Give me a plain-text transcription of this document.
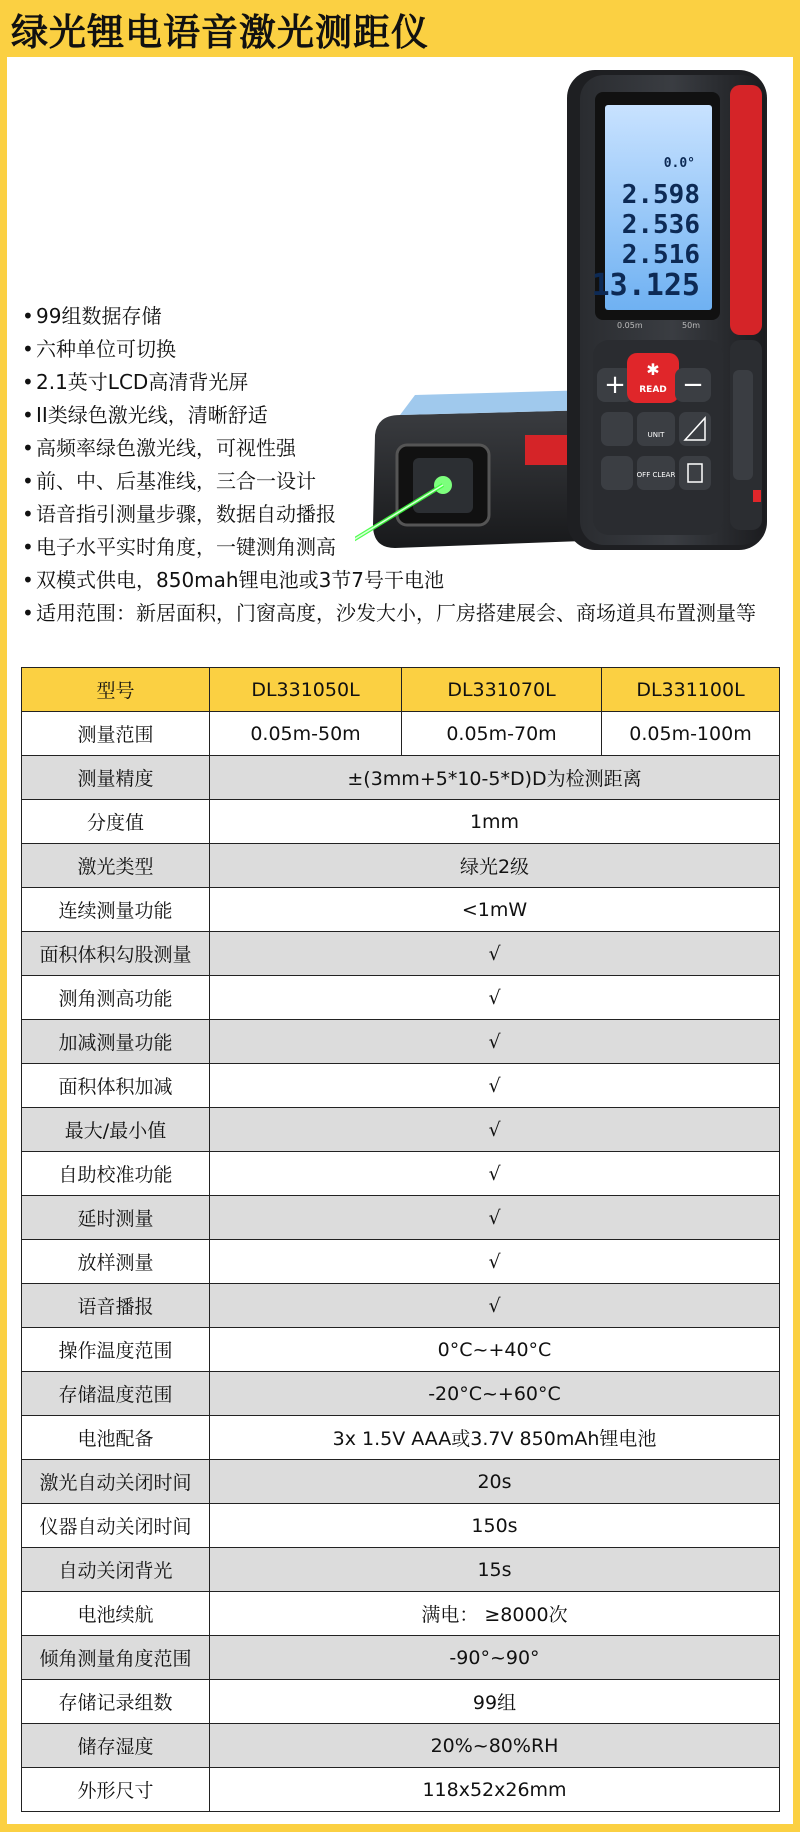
绿光锂电语音激光测距仪
0.0°
2.598
2.536
2.516
13.125
0.05m	50m
+
✱
READ −
UNIT
OFF CLEAR
• 99组数据存储
• 六种单位可切换
• 2.1英寸LCD高清背光屏
• II类绿色激光线，清晰舒适
• 高频率绿色激光线，可视性强
• 前、中、后基准线，三合一设计
• 语音指引测量步骤，数据自动播报
• 电子水平实时角度，一键测角测高
• 双模式供电，850mah锂电池或3节7号干电池
• 适用范围：新居面积，门窗高度，沙发大小，厂房搭建展会、商场道具布置测量等
型号	DL331050L	DL331070L	DL331100L
测量范围	0.05m-50m	0.05m-70m	0.05m-100m
测量精度	±(3mm+5*10-5*D)D为检测距离		
分度值	1mm		
激光类型	绿光2级		
连续测量功能	<1mW		
面积体积勾股测量	√		
测角测高功能	√		
加减测量功能	√		
面积体积加减	√		
最大/最小值	√		
自助校准功能	√		
延时测量	√		
放样测量	√		
语音播报	√		
操作温度范围	0°C~+40°C		
存储温度范围	-20°C~+60°C		
电池配备	3x 1.5V AAA或3.7V 850mAh锂电池		
激光自动关闭时间	20s		
仪器自动关闭时间	150s		
自动关闭背光	15s		
电池续航	满电： ≥8000次		
倾角测量角度范围	-90°~90°		
存储记录组数	99组		
储存湿度	20%~80%RH		
外形尺寸	118x52x26mm		
